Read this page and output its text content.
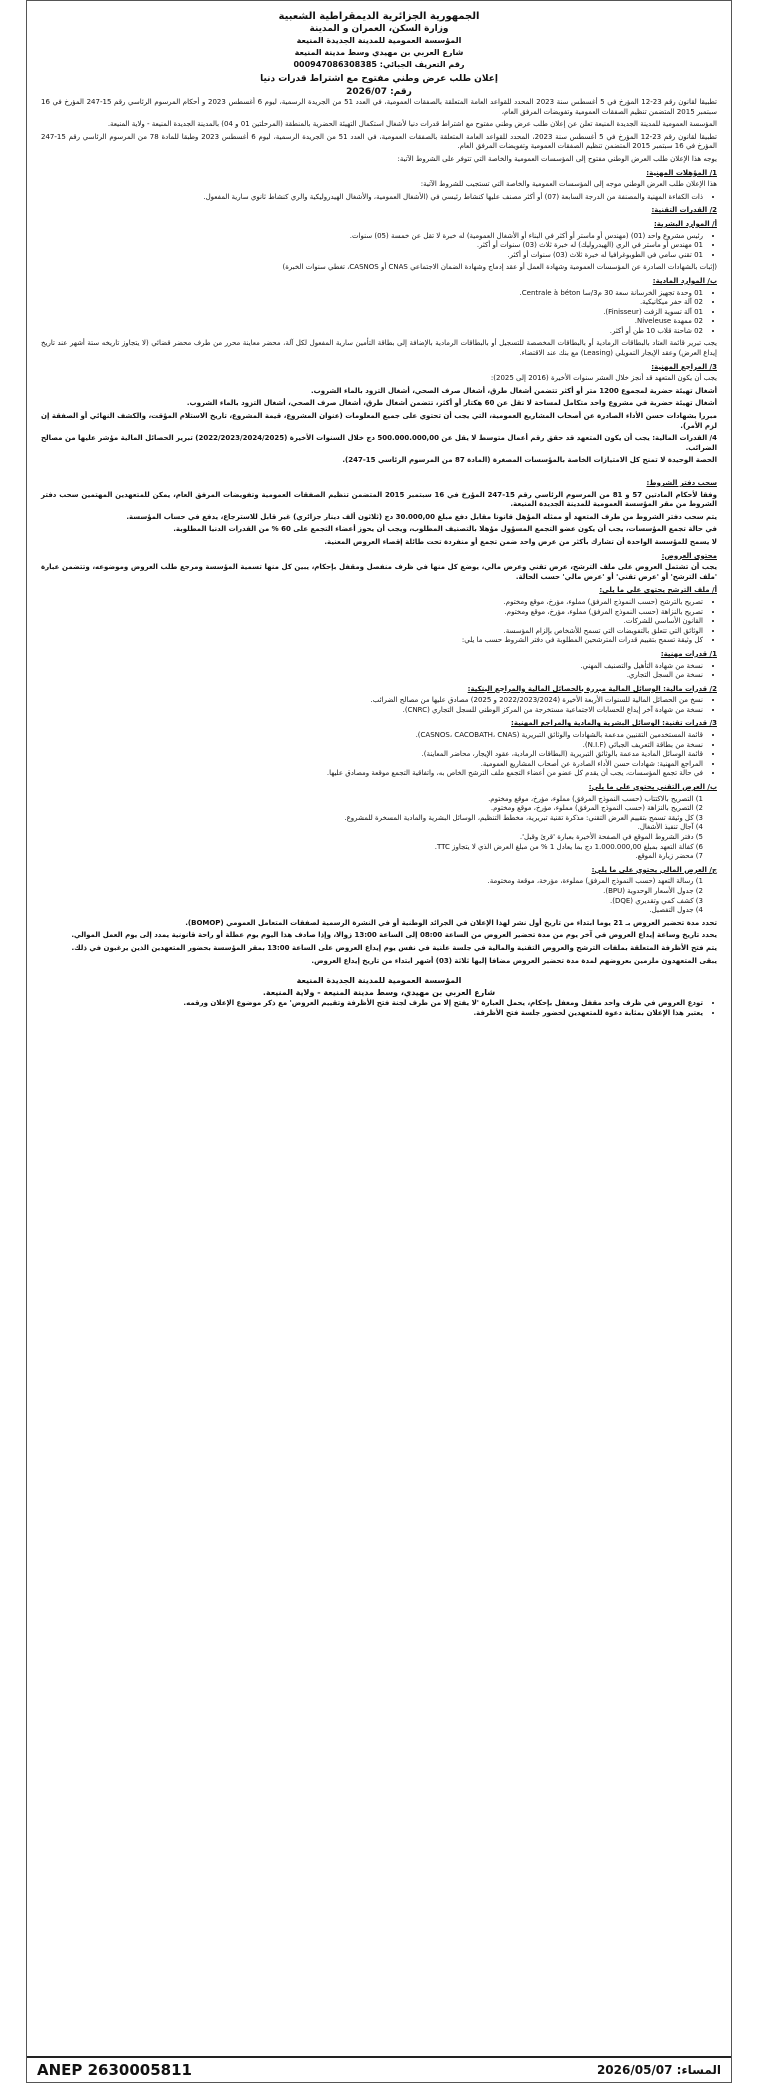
الجمهورية الجزائرية الديمقراطية الشعبية
وزارة السكن، العمران و المدينة
المؤسسة العمومية للمدينة الجديدة المنيعة
شارع العربي بن مهيدي وسط مدينة المنيعة
رقم التعريف الجبائي: 000947086308385
إعلان طلب عرض وطني مفتوح مع اشتراط قدرات دنيا
رقم: 2026/07

تطبيقا لقانون رقم 23-12 المؤرخ في 5 أغسطس سنة 2023 المحدد للقواعد العامة المتعلقة بالصفقات العمومية، في العدد 51 من الجريدة الرسمية، ليوم 6 أغسطس 2023 و أحكام المرسوم الرئاسي رقم 15-247 المؤرخ في 16 سبتمبر 2015 المتضمن تنظيم الصفقات العمومية وتفويضات المرفق العام،

المؤسسة العمومية للمدينة الجديدة المنيعة تعلن عن إعلان طلب عرض وطني مفتوح مع اشتراط قدرات دنيا لأشغال استكمال التهيئة الحضرية بالمنطقة (المرحلتين 01 و 04) بالمدينة الجديدة المنيعة - ولاية المنيعة.

تطبيقا لقانون رقم 23-12 المؤرخ في 5 أغسطس سنة 2023، المحدد للقواعد العامة المتعلقة بالصفقات العمومية، في العدد 51 من الجريدة الرسمية، ليوم 6 أغسطس 2023 وطبقا للمادة 78 من المرسوم الرئاسي رقم 15-247 المؤرخ في 16 سبتمبر 2015 المتضمن تنظيم الصفقات العمومية وتفويضات المرفق العام.

يوجه هذا الإعلان طلب العرض الوطني مفتوح إلى المؤسسات العمومية والخاصة التي تتوفر على الشروط الآتية:

1/ المؤهلات المهنية:

هذا الإعلان طلب العرض الوطني موجه إلى المؤسسات العمومية والخاصة التي تستجيب للشروط الآتية:

• ذات الكفاءة المهنية والمصنفة من الدرجة السابعة (07) أو أكثر مصنف عليها كنشاط رئيسي في (الأشغال العمومية، والأشغال الهيدروليكية والري كنشاط ثانوي سارية المفعول.
2/ القدرات التقنية:
أ/ الموارد البشرية:
• رئيس مشروع واحد (01) (مهندس أو ماستر أو أكثر في البناء أو الأشغال العمومية) له خبرة لا تقل عن خمسة (05) سنوات.
• 01 مهندس أو ماستر في الري (الهيدروليك) له خبرة ثلاث (03) سنوات أو أكثر.
• 01 تقني سامي في الطوبوغرافيا له خبرة ثلاث (03) سنوات أو أكثر.

(إثبات بالشهادات الصادرة عن المؤسسات العمومية وشهادة العمل أو عقد إدماج وشهادة الضمان الاجتماعي CNAS أو CASNOS، تغطي سنوات الخبرة)

ب/ الموارد المادية:
• 01 وحدة تجهيز الخرسانة سعة 30 م3/سا Centrale à béton.
• 02 آلة حفر ميكانيكية.
• 01 آلة تسوية الزفت (Finisseur).
• 02 ممهدة Niveleuse.
• 02 شاحنة قلاب 10 طن أو أكثر.

يجب تبرير قائمة العتاد بالبطاقات الرمادية أو بالبطاقات المخصصة للتسجيل أو بالبطاقات الرمادية بالإضافة إلى بطاقة التأمين سارية المفعول لكل آلة، محضر معاينة محرر من طرف محضر قضائي (لا يتجاوز تاريخه ستة أشهر عند تاريخ إيداع العرض) وعقد الإيجار التمويلي (Leasing) مع بنك عند الاقتضاء.

3/ المراجع المهنية:

يجب أن يكون المتعهد قد أنجز خلال العشر سنوات الأخيرة (2016 إلى 2025):

أشغال تهيئة حضرية لمجموع 1200 متر أو أكثر تتضمن أشغال طرق، أشغال صرف الصحي، أشغال التزود بالماء الشروب.

أشغال تهيئة حضرية في مشروع واحد متكامل لمساحة لا تقل عن 60 هكتار أو أكثر، تتضمن أشغال طرق، أشغال صرف الصحي، أشغال التزود بالماء الشروب.

مبررا بشهادات حسن الأداء الصادرة عن أصحاب المشاريع العمومية، التي يجب أن تحتوي على جميع المعلومات (عنوان المشروع، قيمة المشروع، تاريخ الاستلام المؤقت، والكشف النهائي أو الصفقة إن لزم الأمر).

4/ القدرات المالية: يجب أن يكون المتعهد قد حقق رقم أعمال متوسط لا يقل عن 500.000.000,00 دج خلال السنوات الأخيرة (2022/2023/2024/2025) تبرير الحصائل المالية مؤشر عليها من مصالح الضرائب.

الحصة الوحيدة لا تمنح كل الامتيازات الخاصة بالمؤسسات المصغرة (المادة 87 من المرسوم الرئاسي 15-247).

سحب دفتر الشروط:

وفقا لأحكام المادتين 57 و 81 من المرسوم الرئاسي رقم 15-247 المؤرخ في 16 سبتمبر 2015 المتضمن تنظيم الصفقات العمومية وتفويضات المرفق العام، يمكن للمتعهدين المهتمين سحب دفتر الشروط من مقر المؤسسة العمومية للمدينة الجديدة المنيعة.

يتم سحب دفتر الشروط من طرف المتعهد أو ممثله المؤهل قانونا مقابل دفع مبلغ 30.000,00 دج (ثلاثون ألف دينار جزائري) غير قابل للاسترجاع، يدفع في حساب المؤسسة.

في حالة تجمع المؤسسات، يجب أن يكون عضو التجمع المسؤول مؤهلا بالتصنيف المطلوب، ويجب أن يحوز أعضاء التجمع على 60 % من القدرات الدنيا المطلوبة.

لا يسمح للمؤسسة الواحدة أن تشارك بأكثر من عرض واحد ضمن تجمع أو منفردة تحت طائلة إقصاء العروض المعنية.

محتوى العروض:

يجب أن تشتمل العروض على ملف الترشح، عرض تقني وعرض مالي، يوضع كل منها في ظرف منفصل ومقفل بإحكام، يبين كل منها تسمية المؤسسة ومرجع طلب العروض وموضوعه، وتتضمن عبارة 'ملف الترشح' أو 'عرض تقني' أو 'عرض مالي' حسب الحالة.

أ/ ملف الترشح يحتوي على ما يلي:
• تصريح بالترشح (حسب النموذج المرفق) مملوء، مؤرخ، موقع ومختوم.
• تصريح بالنزاهة (حسب النموذج المرفق) مملوء، مؤرخ، موقع ومختوم.
• القانون الأساسي للشركات.
• الوثائق التي تتعلق بالتفويضات التي تسمح للأشخاص بإلزام المؤسسة.
• كل وثيقة تسمح بتقييم قدرات المترشحين المطلوبة في دفتر الشروط حسب ما يلي:
1/ قدرات مهنية:
• نسخة من شهادة التأهيل والتصنيف المهني.
• نسخة من السجل التجاري.
2/ قدرات مالية: الوسائل المالية مبررة بالحصائل المالية والمراجع البنكية:
• نسخ من الحصائل المالية للسنوات الأربعة الأخيرة (2022/2023/2024 و 2025) مصادق عليها من مصالح الضرائب.
• نسخة من شهادة آخر إيداع للحسابات الاجتماعية مستخرجة من المركز الوطني للسجل التجاري (CNRC).
3/ قدرات تقنية: الوسائل البشرية والمادية والمراجع المهنية:
• قائمة المستخدمين التقنيين مدعمة بالشهادات والوثائق التبريرية (CASNOS، CACOBATH، CNAS).
• نسخة من بطاقة التعريف الجبائي (N.I.F).
• قائمة الوسائل المادية مدعمة بالوثائق التبريرية (البطاقات الرمادية، عقود الإيجار، محاضر المعاينة).
• المراجع المهنية: شهادات حسن الأداء الصادرة عن أصحاب المشاريع العمومية.
• في حالة تجمع المؤسسات، يجب أن يقدم كل عضو من أعضاء التجمع ملف الترشح الخاص به، واتفاقية التجمع موقعة ومصادق عليها.
ب/ العرض التقني يحتوي على ما يلي:
1) التصريح بالاكتتاب (حسب النموذج المرفق) مملوء، مؤرخ، موقع ومختوم.
2) التصريح بالنزاهة (حسب النموذج المرفق) مملوء، مؤرخ، موقع ومختوم.
3) كل وثيقة تسمح بتقييم العرض التقني: مذكرة تقنية تبريرية، مخطط التنظيم، الوسائل البشرية والمادية المسخرة للمشروع.
4) آجال تنفيذ الأشغال.
5) دفتر الشروط الموقع في الصفحة الأخيرة بعبارة 'قرئ وقبل'.
6) كفالة التعهد بمبلغ 1.000.000,00 دج بما يعادل 1 % من مبلغ العرض الذي لا يتجاوز TTC.
7) محضر زيارة الموقع.
ج/ العرض المالي يحتوي على ما يلي:
1) رسالة التعهد (حسب النموذج المرفق) مملوءة، مؤرخة، موقعة ومختومة.
2) جدول الأسعار الوحدوية (BPU).
3) كشف كمي وتقديري (DQE).
4) جدول التفصيل.

تحدد مدة تحضير العروض بـ 21 يوما ابتداء من تاريخ أول نشر لهذا الإعلان في الجرائد الوطنية أو في النشرة الرسمية لصفقات المتعامل العمومي (BOMOP).

يحدد تاريخ وساعة إيداع العروض في آخر يوم من مدة تحضير العروض من الساعة 08:00 إلى الساعة 13:00 زوالا، وإذا صادف هذا اليوم يوم عطلة أو راحة قانونية يمدد إلى يوم العمل الموالي.

يتم فتح الأظرفة المتعلقة بملفات الترشح والعروض التقنية والمالية في جلسة علنية في نفس يوم إيداع العروض على الساعة 13:00 بمقر المؤسسة بحضور المتعهدين الذين يرغبون في ذلك.

يبقى المتعهدون ملزمين بعروضهم لمدة مدة تحضير العروض مضافا إليها ثلاثة (03) أشهر ابتداء من تاريخ إيداع العروض.

المؤسسة العمومية للمدينة الجديدة المنيعة
شارع العربي بن مهيدي، وسط مدينة المنيعة - ولاية المنيعة.
• تودع العروض في ظرف واحد مقفل ومغفل بإحكام، يحمل العبارة 'لا يفتح إلا من طرف لجنة فتح الأظرفة وتقييم العروض' مع ذكر موضوع الإعلان ورقمه.
• يعتبر هذا الإعلان بمثابة دعوة للمتعهدين لحضور جلسة فتح الأظرفة.
ANEP 2630005811	المساء: 2026/05/07
